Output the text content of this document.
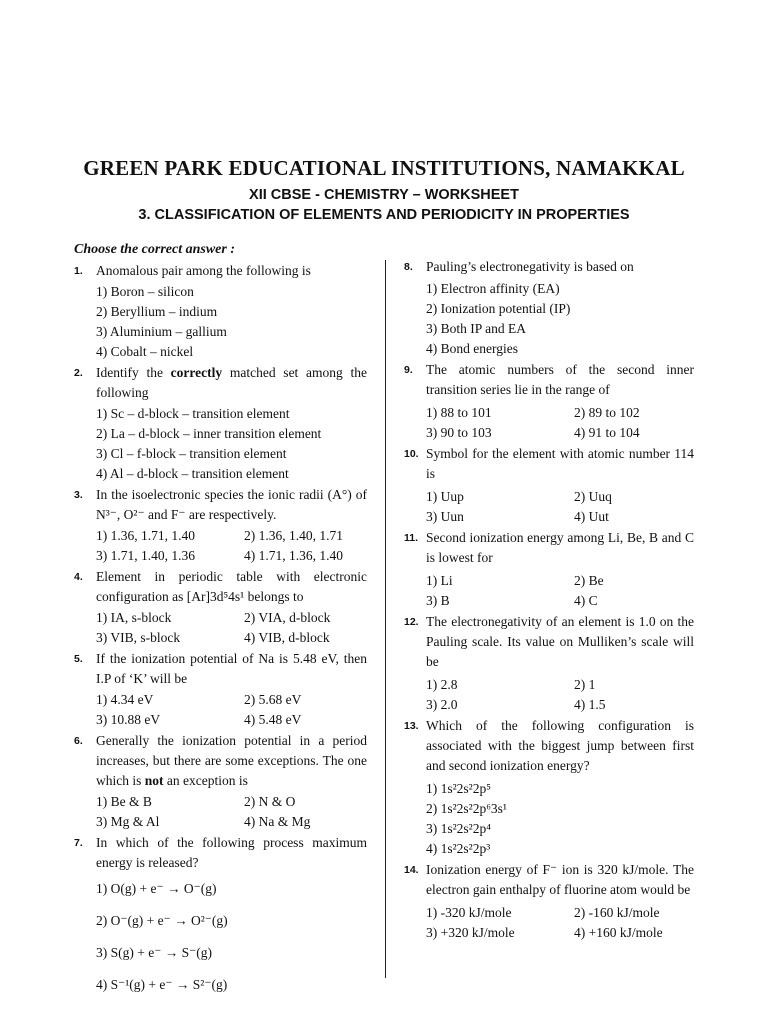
GREEN PARK EDUCATIONAL INSTITUTIONS, NAMAKKAL
XII CBSE - CHEMISTRY – WORKSHEET
3. CLASSIFICATION OF ELEMENTS AND PERIODICITY IN PROPERTIES
Choose the correct answer :
1. Anomalous pair among the following is
1) Boron – silicon
2) Beryllium – indium
3) Aluminium – gallium
4) Cobalt – nickel
2. Identify the correctly matched set among the following
1) Sc – d-block – transition element
2) La – d-block – inner transition element
3) Cl – f-block – transition element
4) Al – d-block – transition element
3. In the isoelectronic species the ionic radii (A°) of N³⁻, O²⁻ and F⁻ are respectively.
1) 1.36, 1.71, 1.40	2) 1.36, 1.40, 1.71
3) 1.71, 1.40, 1.36	4) 1.71, 1.36, 1.40
4. Element in periodic table with electronic configuration as [Ar]3d⁵4s¹ belongs to
1) IA, s-block	2) VIA, d-block
3) VIB, s-block	4) VIB, d-block
5. If the ionization potential of Na is 5.48 eV, then I.P of ‘K’ will be
1) 4.34 eV	2) 5.68 eV
3) 10.88 eV	4) 5.48 eV
6. Generally the ionization potential in a period increases, but there are some exceptions. The one which is not an exception is
1) Be & B	2) N & O
3) Mg & Al	4) Na & Mg
7. In which of the following process maximum energy is released?
1) O(g) + e⁻ → O⁻(g)
2) O⁻(g) + e⁻ → O²⁻(g)
3) S(g) + e⁻ → S⁻(g)
4) S⁻¹(g) + e⁻ → S²⁻(g)
8. Pauling’s electronegativity is based on
1) Electron affinity (EA)
2) Ionization potential (IP)
3) Both IP and EA
4) Bond energies
9. The atomic numbers of the second inner transition series lie in the range of
1) 88 to 101	2) 89 to 102
3) 90 to 103	4) 91 to 104
10. Symbol for the element with atomic number 114 is
1) Uup	2) Uuq
3) Uun	4) Uut
11. Second ionization energy among Li, Be, B and C is lowest for
1) Li	2) Be
3) B	4) C
12. The electronegativity of an element is 1.0 on the Pauling scale. Its value on Mulliken’s scale will be
1) 2.8	2) 1
3) 2.0	4) 1.5
13. Which of the following configuration is associated with the biggest jump between first and second ionization energy?
1) 1s²2s²2p⁵
2) 1s²2s²2p⁶3s¹
3) 1s²2s²2p⁴
4) 1s²2s²2p³
14. Ionization energy of F⁻ ion is 320 kJ/mole. The electron gain enthalpy of fluorine atom would be
1) -320 kJ/mole	2) -160 kJ/mole
3) +320 kJ/mole	4) +160 kJ/mole
